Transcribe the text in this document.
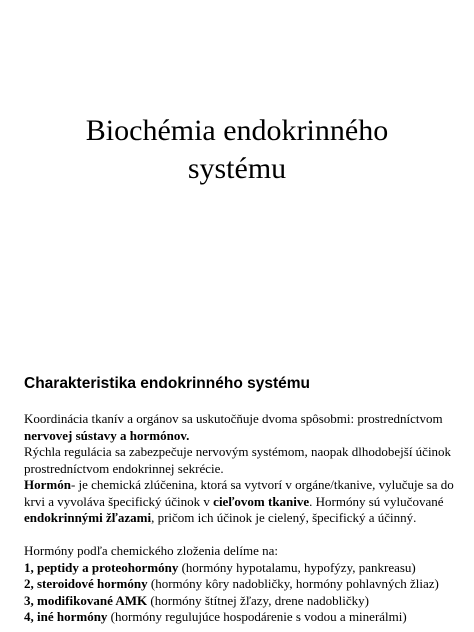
Biochémia endokrinného
systému
Charakteristika endokrinného systému
Koordinácia tkanív a orgánov sa uskutočňuje dvoma spôsobmi: prostredníctvom
nervovej sústavy a hormónov.
Rýchla regulácia sa zabezpečuje nervovým systémom, naopak dlhodobejší účinok
prostredníctvom endokrinnej sekrécie.
Hormón- je chemická zlúčenina, ktorá sa vytvorí v orgáne/tkanive, vylučuje sa do
krvi a vyvoláva špecifický účinok v cieľovom tkanive. Hormóny sú vylučované
endokrinnými žľazami, pričom ich účinok je cielený, špecifický a účinný.
Hormóny podľa chemického zloženia delíme na:
1, peptidy a proteohormóny (hormóny hypotalamu, hypofýzy, pankreasu)
2, steroidové hormóny (hormóny kôry nadobličky, hormóny pohlavných žliaz)
3, modifikované AMK (hormóny štítnej žľazy, drene nadobličky)
4, iné hormóny (hormóny regulujúce hospodárenie s vodou a minerálmi)
